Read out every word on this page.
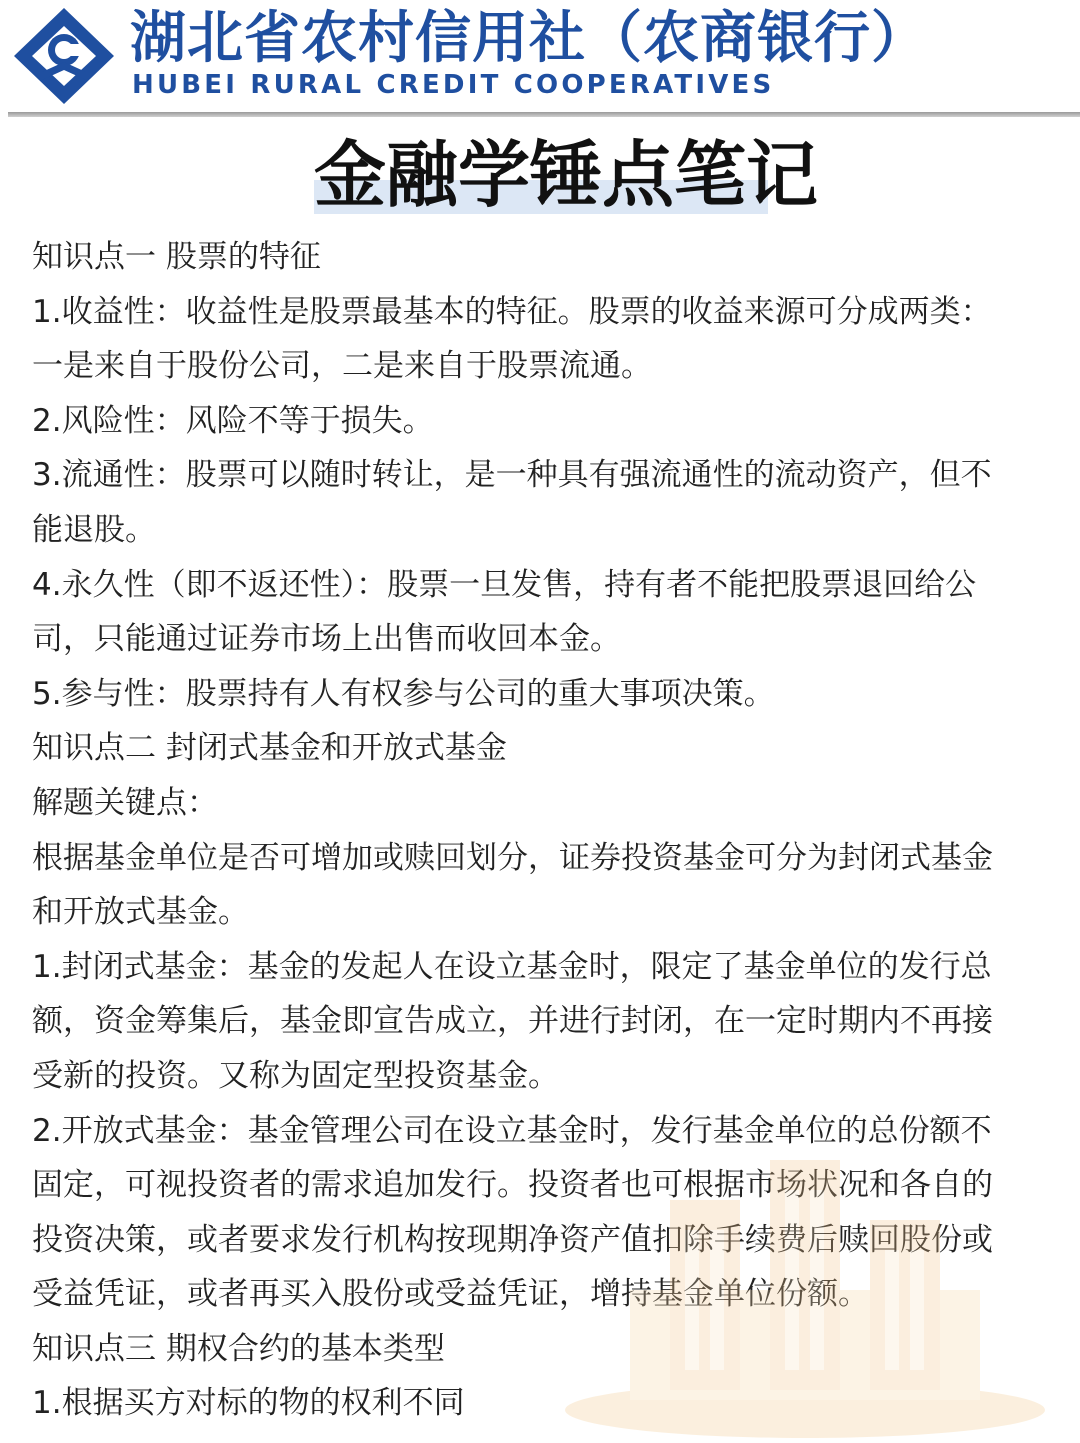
湖北省农村信用社（农商银行）
HUBEI RURAL CREDIT COOPERATIVES
金融学锤点笔记
知识点一 股票的特征
1.收益性：收益性是股票最基本的特征。股票的收益来源可分成两类：
一是来自于股份公司，二是来自于股票流通。
2.风险性：风险不等于损失。
3.流通性：股票可以随时转让，是一种具有强流通性的流动资产，但不
能退股。
4.永久性（即不返还性）：股票一旦发售，持有者不能把股票退回给公
司，只能通过证券市场上出售而收回本金。
5.参与性：股票持有人有权参与公司的重大事项决策。
知识点二 封闭式基金和开放式基金
解题关键点：
根据基金单位是否可增加或赎回划分，证券投资基金可分为封闭式基金
和开放式基金。
1.封闭式基金：基金的发起人在设立基金时，限定了基金单位的发行总
额，资金筹集后，基金即宣告成立，并进行封闭，在一定时期内不再接
受新的投资。又称为固定型投资基金。
2.开放式基金：基金管理公司在设立基金时，发行基金单位的总份额不
固定，可视投资者的需求追加发行。投资者也可根据市场状况和各自的
投资决策，或者要求发行机构按现期净资产值扣除手续费后赎回股份或
受益凭证，或者再买入股份或受益凭证，增持基金单位份额。
知识点三 期权合约的基本类型
1.根据买方对标的物的权利不同
